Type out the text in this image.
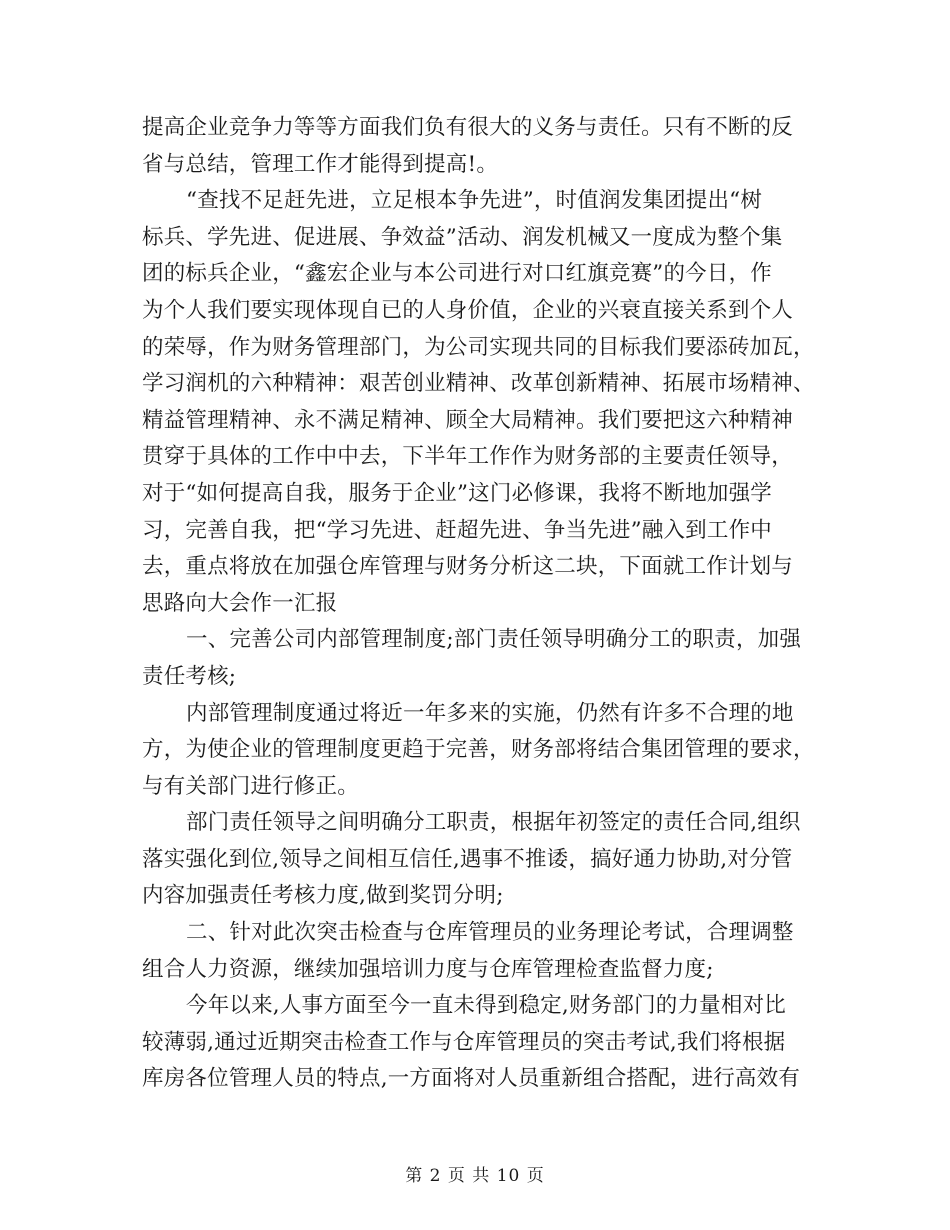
提高企业竞争力等等方面我们负有很大的义务与责任。只有不断的反
省与总结，管理工作才能得到提高!。
“查找不足赶先进，立足根本争先进”，时值润发集团提出“树
标兵、学先进、促进展、争效益”活动、润发机械又一度成为整个集
团的标兵企业，“鑫宏企业与本公司进行对口红旗竞赛”的今日，作
为个人我们要实现体现自已的人身价值，企业的兴衰直接关系到个人
的荣辱，作为财务管理部门，为公司实现共同的目标我们要添砖加瓦，
学习润机的六种精神：艰苦创业精神、改革创新精神、拓展市场精神、
精益管理精神、永不满足精神、顾全大局精神。我们要把这六种精神
贯穿于具体的工作中中去，下半年工作作为财务部的主要责任领导，
对于“如何提高自我，服务于企业”这门必修课，我将不断地加强学
习，完善自我，把“学习先进、赶超先进、争当先进”融入到工作中
去，重点将放在加强仓库管理与财务分析这二块，下面就工作计划与
思路向大会作一汇报
一、完善公司内部管理制度;部门责任领导明确分工的职责，加强
责任考核;
内部管理制度通过将近一年多来的实施，仍然有许多不合理的地
方，为使企业的管理制度更趋于完善，财务部将结合集团管理的要求，
与有关部门进行修正。
部门责任领导之间明确分工职责，根据年初签定的责任合同,组织
落实强化到位,领导之间相互信任,遇事不推诿，搞好通力协助,对分管
内容加强责任考核力度,做到奖罚分明;
二、针对此次突击检查与仓库管理员的业务理论考试，合理调整
组合人力资源，继续加强培训力度与仓库管理检查监督力度;
今年以来,人事方面至今一直未得到稳定,财务部门的力量相对比
较薄弱,通过近期突击检查工作与仓库管理员的突击考试,我们将根据
库房各位管理人员的特点,一方面将对人员重新组合搭配，进行高效有
第 2 页 共 10 页
